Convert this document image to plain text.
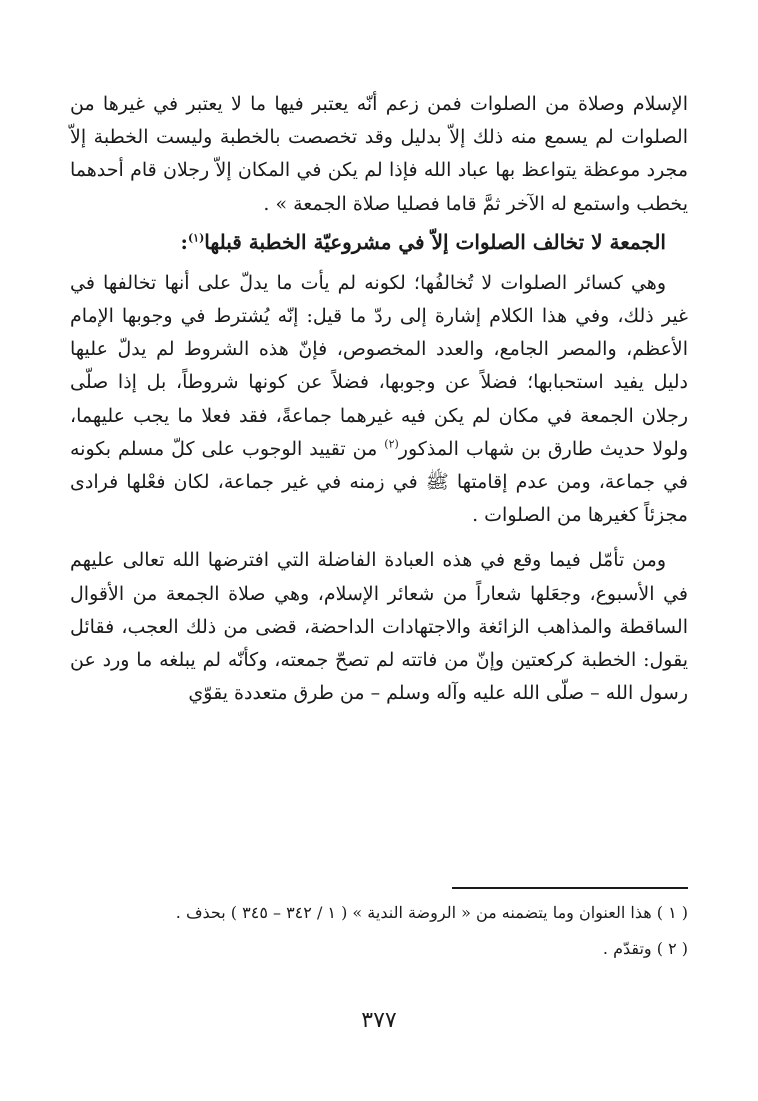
الإسلام وصلاة من الصلوات فمن زعم أنّه يعتبر فيها ما لا يعتبر في غيرها من الصلوات لم يسمع منه ذلك إلاّ بدليل وقد تخصصت بالخطبة وليست الخطبة إلاّ مجرد موعظة يتواعظ بها عباد الله فإذا لم يكن في المكان إلاّ رجلان قام أحدهما يخطب واستمع له الآخر ثمَّ قاما فصليا صلاة الجمعة » .

الجمعة لا تخالف الصلوات إلاّ في مشروعيّة الخطبة قبلها$^{(١)}$:

وهي كسائر الصلوات لا تُخالفُها؛ لكونه لم يأت ما يدلّ على أنها تخالفها في غير ذلك، وفي هذا الكلام إشارة إلى ردّ ما قيل: إنّه يُشترط في وجوبها الإمام الأعظم، والمصر الجامع، والعدد المخصوص، فإنّ هذه الشروط لم يدلّ عليها دليل يفيد استحبابها؛ فضلاً عن وجوبها، فضلاً عن كونها شروطاً، بل إذا صلّى رجلان الجمعة في مكان لم يكن فيه غيرهما جماعةً، فقد فعلا ما يجب عليهما، ولولا حديث طارق بن شهاب المذكور$^{(٢)}$ من تقييد الوجوب على كلّ مسلم بكونه في جماعة، ومن عدم إقامتها ﷺ في زمنه في غير جماعة، لكان فعْلها فرادى مجزئاً كغيرها من الصلوات .

ومن تأمّل فيما وقع في هذه العبادة الفاضلة التي افترضها الله تعالى عليهم في الأسبوع، وجعَلها شعاراً من شعائر الإسلام، وهي صلاة الجمعة من الأقوال الساقطة والمذاهب الزائغة والاجتهادات الداحضة، قضى من ذلك العجب، فقائل يقول: الخطبة كركعتين وإنّ من فاتته لم تصحّ جمعته، وكأنّه لم يبلغه ما ورد عن رسول الله – صلّى الله عليه وآله وسلم – من طرق متعددة يقوّي

( ١ ) هذا العنوان وما يتضمنه من « الروضة الندية » ( ١ / ٣٤٢ – ٣٤٥ ) بحذف .

( ٢ ) وتقدّم .

٣٧٧
